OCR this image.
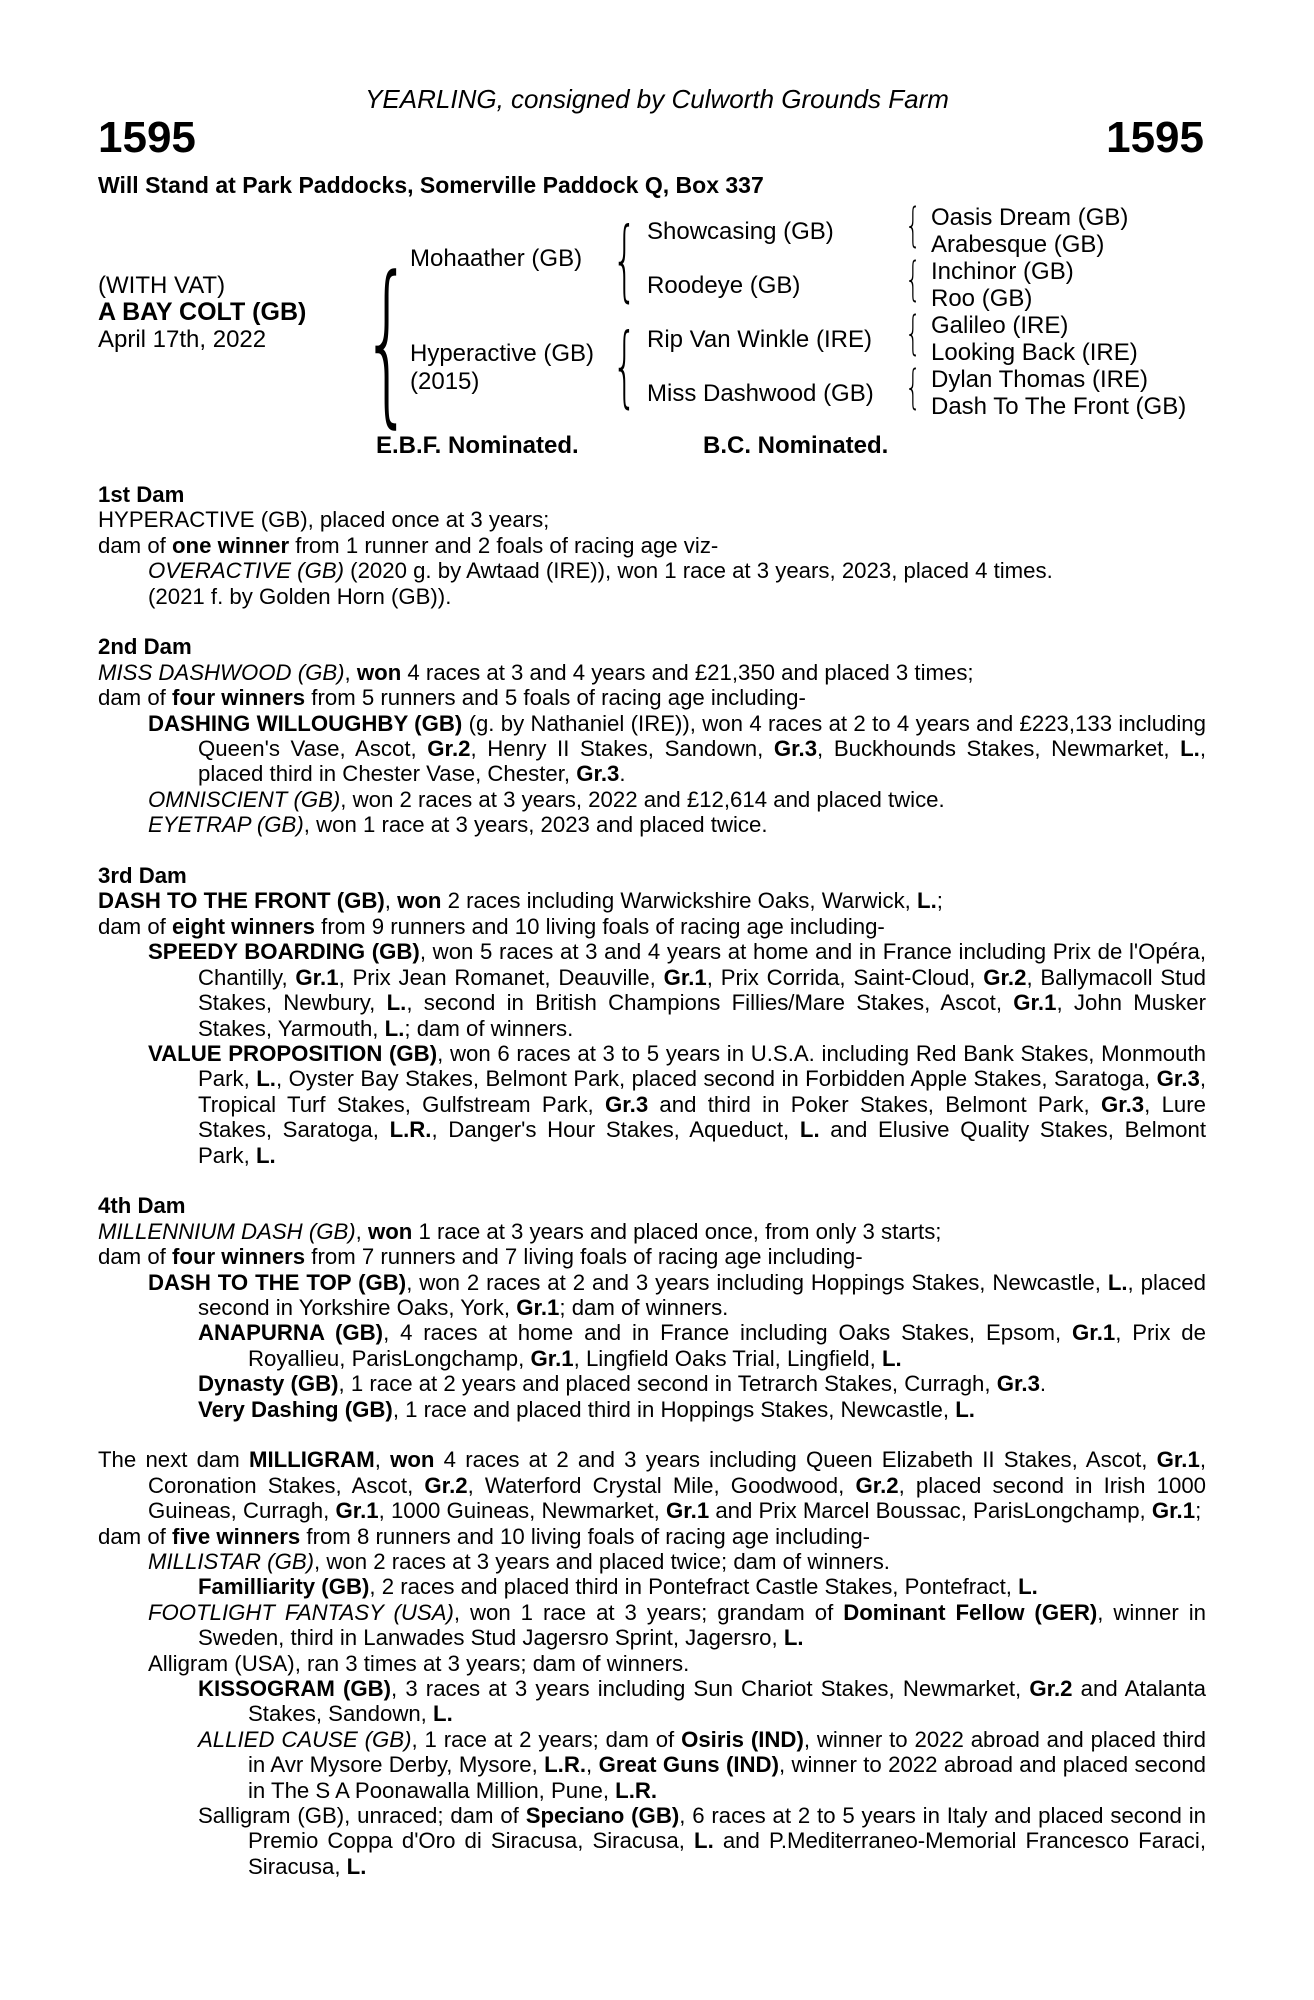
YEARLING, consigned by Culworth Grounds Farm
1595	1595
Will Stand at Park Paddocks, Somerville Paddock Q, Box 337
(WITH VAT)
A BAY COLT (GB)
April 17th, 2022 {
Mohaather (GB)
Hyperactive (GB)
(2015)
{
{
Showcasing (GB)
Roodeye (GB)
Rip Van Winkle (IRE)
Miss Dashwood (GB)
{
{
{
{
Oasis Dream (GB)
Arabesque (GB)
Inchinor (GB)
Roo (GB)
Galileo (IRE)
Looking Back (IRE)
Dylan Thomas (IRE)
Dash To The Front (GB)
E.B.F. Nominated.	B.C. Nominated.

1st Dam

HYPERACTIVE (GB), placed once at 3 years;

dam of one winner from 1 runner and 2 foals of racing age viz-

OVERACTIVE (GB) (2020 g. by Awtaad (IRE)), won 1 race at 3 years, 2023, placed 4 times.

(2021 f. by Golden Horn (GB)).

2nd Dam

MISS DASHWOOD (GB), won 4 races at 3 and 4 years and £21,350 and placed 3 times;

dam of four winners from 5 runners and 5 foals of racing age including-

DASHING WILLOUGHBY (GB) (g. by Nathaniel (IRE)), won 4 races at 2 to 4 years and £223,133 including Queen's Vase, Ascot, Gr.2, Henry II Stakes, Sandown, Gr.3, Buckhounds Stakes, Newmarket, L., placed third in Chester Vase, Chester, Gr.3.

OMNISCIENT (GB), won 2 races at 3 years, 2022 and £12,614 and placed twice.

EYETRAP (GB), won 1 race at 3 years, 2023 and placed twice.

3rd Dam

DASH TO THE FRONT (GB), won 2 races including Warwickshire Oaks, Warwick, L.;

dam of eight winners from 9 runners and 10 living foals of racing age including-

SPEEDY BOARDING (GB), won 5 races at 3 and 4 years at home and in France including Prix de l'Opéra, Chantilly, Gr.1, Prix Jean Romanet, Deauville, Gr.1, Prix Corrida, Saint-Cloud, Gr.2, Ballymacoll Stud Stakes, Newbury, L., second in British Champions Fillies/Mare Stakes, Ascot, Gr.1, John Musker Stakes, Yarmouth, L.; dam of winners.

VALUE PROPOSITION (GB), won 6 races at 3 to 5 years in U.S.A. including Red Bank Stakes, Monmouth Park, L., Oyster Bay Stakes, Belmont Park, placed second in Forbidden Apple Stakes, Saratoga, Gr.3, Tropical Turf Stakes, Gulfstream Park, Gr.3 and third in Poker Stakes, Belmont Park, Gr.3, Lure Stakes, Saratoga, L.R., Danger's Hour Stakes, Aqueduct, L. and Elusive Quality Stakes, Belmont Park, L.

4th Dam

MILLENNIUM DASH (GB), won 1 race at 3 years and placed once, from only 3 starts;

dam of four winners from 7 runners and 7 living foals of racing age including-

DASH TO THE TOP (GB), won 2 races at 2 and 3 years including Hoppings Stakes, Newcastle, L., placed second in Yorkshire Oaks, York, Gr.1; dam of winners.

ANAPURNA (GB), 4 races at home and in France including Oaks Stakes, Epsom, Gr.1, Prix de Royallieu, ParisLongchamp, Gr.1, Lingfield Oaks Trial, Lingfield, L.

Dynasty (GB), 1 race at 2 years and placed second in Tetrarch Stakes, Curragh, Gr.3.

Very Dashing (GB), 1 race and placed third in Hoppings Stakes, Newcastle, L.

The next dam MILLIGRAM, won 4 races at 2 and 3 years including Queen Elizabeth II Stakes, Ascot, Gr.1, Coronation Stakes, Ascot, Gr.2, Waterford Crystal Mile, Goodwood, Gr.2, placed second in Irish 1000 Guineas, Curragh, Gr.1, 1000 Guineas, Newmarket, Gr.1 and Prix Marcel Boussac, ParisLongchamp, Gr.1;

dam of five winners from 8 runners and 10 living foals of racing age including-

MILLISTAR (GB), won 2 races at 3 years and placed twice; dam of winners.

Familliarity (GB), 2 races and placed third in Pontefract Castle Stakes, Pontefract, L.

FOOTLIGHT FANTASY (USA), won 1 race at 3 years; grandam of Dominant Fellow (GER), winner in Sweden, third in Lanwades Stud Jagersro Sprint, Jagersro, L.

Alligram (USA), ran 3 times at 3 years; dam of winners.

KISSOGRAM (GB), 3 races at 3 years including Sun Chariot Stakes, Newmarket, Gr.2 and Atalanta Stakes, Sandown, L.

ALLIED CAUSE (GB), 1 race at 2 years; dam of Osiris (IND), winner to 2022 abroad and placed third in Avr Mysore Derby, Mysore, L.R., Great Guns (IND), winner to 2022 abroad and placed second in The S A Poonawalla Million, Pune, L.R.

Salligram (GB), unraced; dam of Speciano (GB), 6 races at 2 to 5 years in Italy and placed second in Premio Coppa d'Oro di Siracusa, Siracusa, L. and P.Mediterraneo-Memorial Francesco Faraci, Siracusa, L.
